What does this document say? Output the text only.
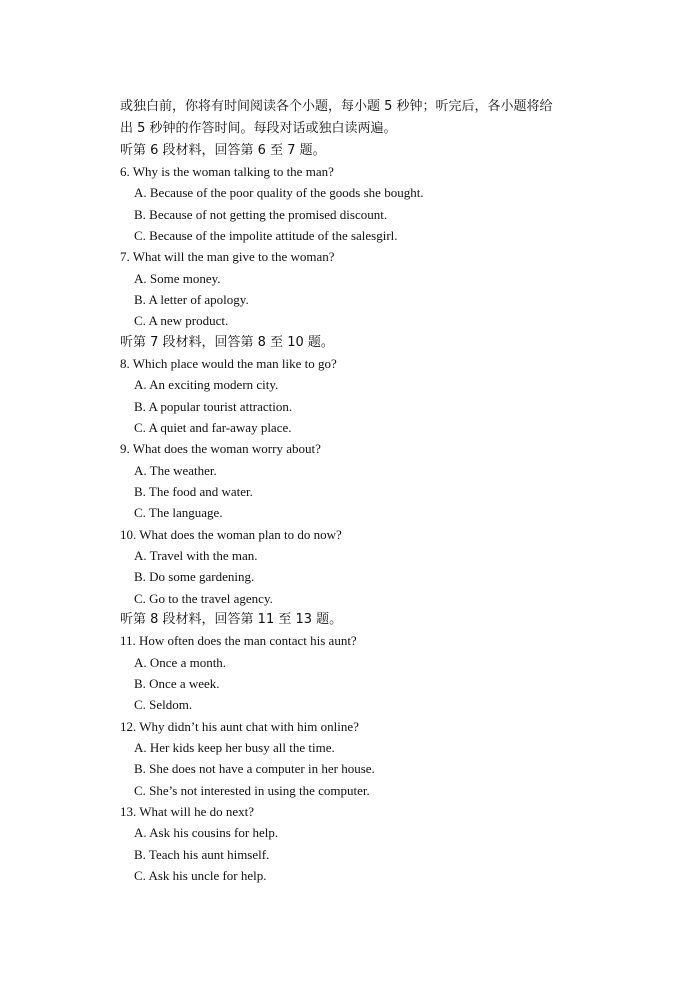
或独白前，你将有时间阅读各个小题，每小题 5 秒钟；听完后，各小题将给
出 5 秒钟的作答时间。每段对话或独白读两遍。
听第 6 段材料，回答第 6 至 7 题。
6. Why is the woman talking to the man?
A. Because of the poor quality of the goods she bought.
B. Because of not getting the promised discount.
C. Because of the impolite attitude of the salesgirl.
7. What will the man give to the woman?
A. Some money.
B. A letter of apology.
C. A new product.
听第 7 段材料，回答第 8 至 10 题。
8. Which place would the man like to go?
A. An exciting modern city.
B. A popular tourist attraction.
C. A quiet and far-away place.
9. What does the woman worry about?
A. The weather.
B. The food and water.
C. The language.
10. What does the woman plan to do now?
A. Travel with the man.
B. Do some gardening.
C. Go to the travel agency.
听第 8 段材料，回答第 11 至 13 题。
11. How often does the man contact his aunt?
A. Once a month.
B. Once a week.
C. Seldom.
12. Why didn’t his aunt chat with him online?
A. Her kids keep her busy all the time.
B. She does not have a computer in her house.
C. She’s not interested in using the computer.
13. What will he do next?
A. Ask his cousins for help.
B. Teach his aunt himself.
C. Ask his uncle for help.
